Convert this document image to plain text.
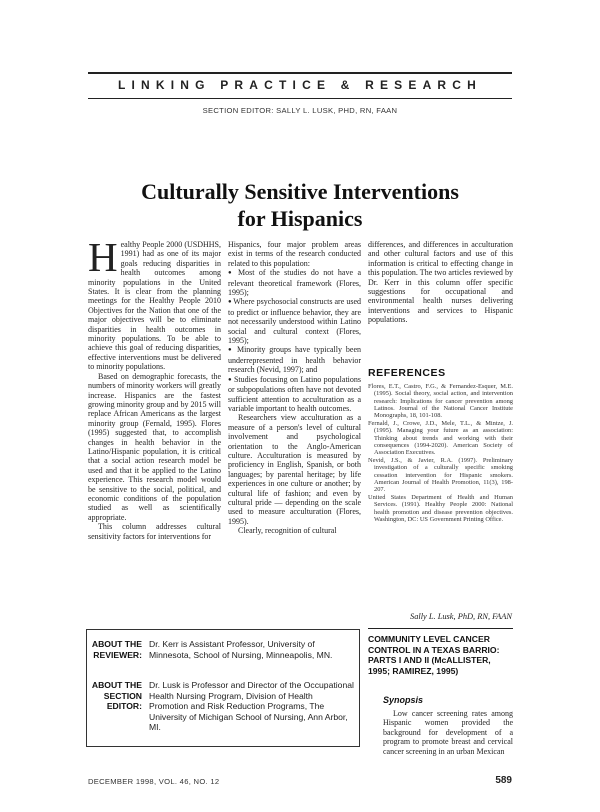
LINKING PRACTICE & RESEARCH
SECTION EDITOR: SALLY L. LUSK, PHD, RN, FAAN
Culturally Sensitive Interventions
for Hispanics

Healthy People 2000 (USDHHS, 1991) had as one of its major goals reducing disparities in health outcomes among minority populations in the United States. It is clear from the planning meetings for the Healthy People 2010 Objectives for the Nation that one of the major objectives will be to eliminate disparities in health outcomes in minority populations. To be able to achieve this goal of reducing disparities, effective interventions must be delivered to minority populations.

Based on demographic forecasts, the numbers of minority workers will greatly increase. Hispanics are the fastest growing minority group and by 2015 will replace African Americans as the largest minority group (Fernald, 1995). Flores (1995) suggested that, to accomplish changes in health behavior in the Latino/Hispanic population, it is critical that a social action research model be used and that it be applied to the Latino experience. This research model would be sensitive to the social, political, and economic conditions of the population studied as well as scientifically appropriate.

This column addresses cultural sensitivity factors for interventions for

Hispanics, four major problem areas exist in terms of the research conducted related to this population:

● Most of the studies do not have a relevant theoretical framework (Flores, 1995);

● Where psychosocial constructs are used to predict or influence behavior, they are not necessarily understood within Latino social and cultural context (Flores, 1995);

● Minority groups have typically been underrepresented in health behavior research (Nevid, 1997); and

● Studies focusing on Latino populations or subpopulations often have not devoted sufficient attention to acculturation as a variable important to health outcomes.

Researchers view acculturation as a measure of a person's level of cultural involvement and psychological orientation to the Anglo-American culture. Acculturation is measured by proficiency in English, Spanish, or both languages; by parental heritage; by life experiences in one culture or another; by cultural life of fashion; and even by cultural pride — depending on the scale used to measure acculturation (Flores, 1995).

Clearly, recognition of cultural

differences, and differences in acculturation and other cultural factors and use of this information is critical to effecting change in this population. The two articles reviewed by Dr. Kerr in this column offer specific suggestions for occupational and environmental health nurses delivering interventions and services to Hispanic populations.

REFERENCES
Flores, E.T., Castro, F.G., & Fernandez-Esquer, M.E. (1995). Social theory, social action, and intervention research: Implications for cancer prevention among Latinos. Journal of the National Cancer Institute Monographs, 18, 101-108.
Fernald, J., Crowe, J.D., Mele, T.L., & Mintze, J. (1995). Managing your future as an association: Thinking about trends and working with their consequences (1994-2020). American Society of Association Executives.
Nevid, J.S., & Javier, R.A. (1997). Preliminary investigation of a culturally specific smoking cessation intervention for Hispanic smokers. American Journal of Health Promotion, 11(3), 198-207.
United States Department of Health and Human Services. (1991). Healthy People 2000: National health promotion and disease prevention objectives. Washington, DC: US Government Printing Office.
Sally L. Lusk, PhD, RN, FAAN
ABOUT THE
REVIEWER:
Dr. Kerr is Assistant Professor, University of Minnesota, School of Nursing, Minneapolis, MN.
ABOUT THE
SECTION
EDITOR:
Dr. Lusk is Professor and Director of the Occupational Health Nursing Program, Division of Health Promotion and Risk Reduction Programs, The University of Michigan School of Nursing, Ann Arbor, MI.
COMMUNITY LEVEL CANCER CONTROL IN A TEXAS BARRIO: PARTS I AND II (McALLISTER, 1995; RAMIREZ, 1995)
Synopsis

Low cancer screening rates among Hispanic women provided the background for development of a program to promote breast and cervical cancer screening in an urban Mexican

DECEMBER 1998, VOL. 46, NO. 12	589
